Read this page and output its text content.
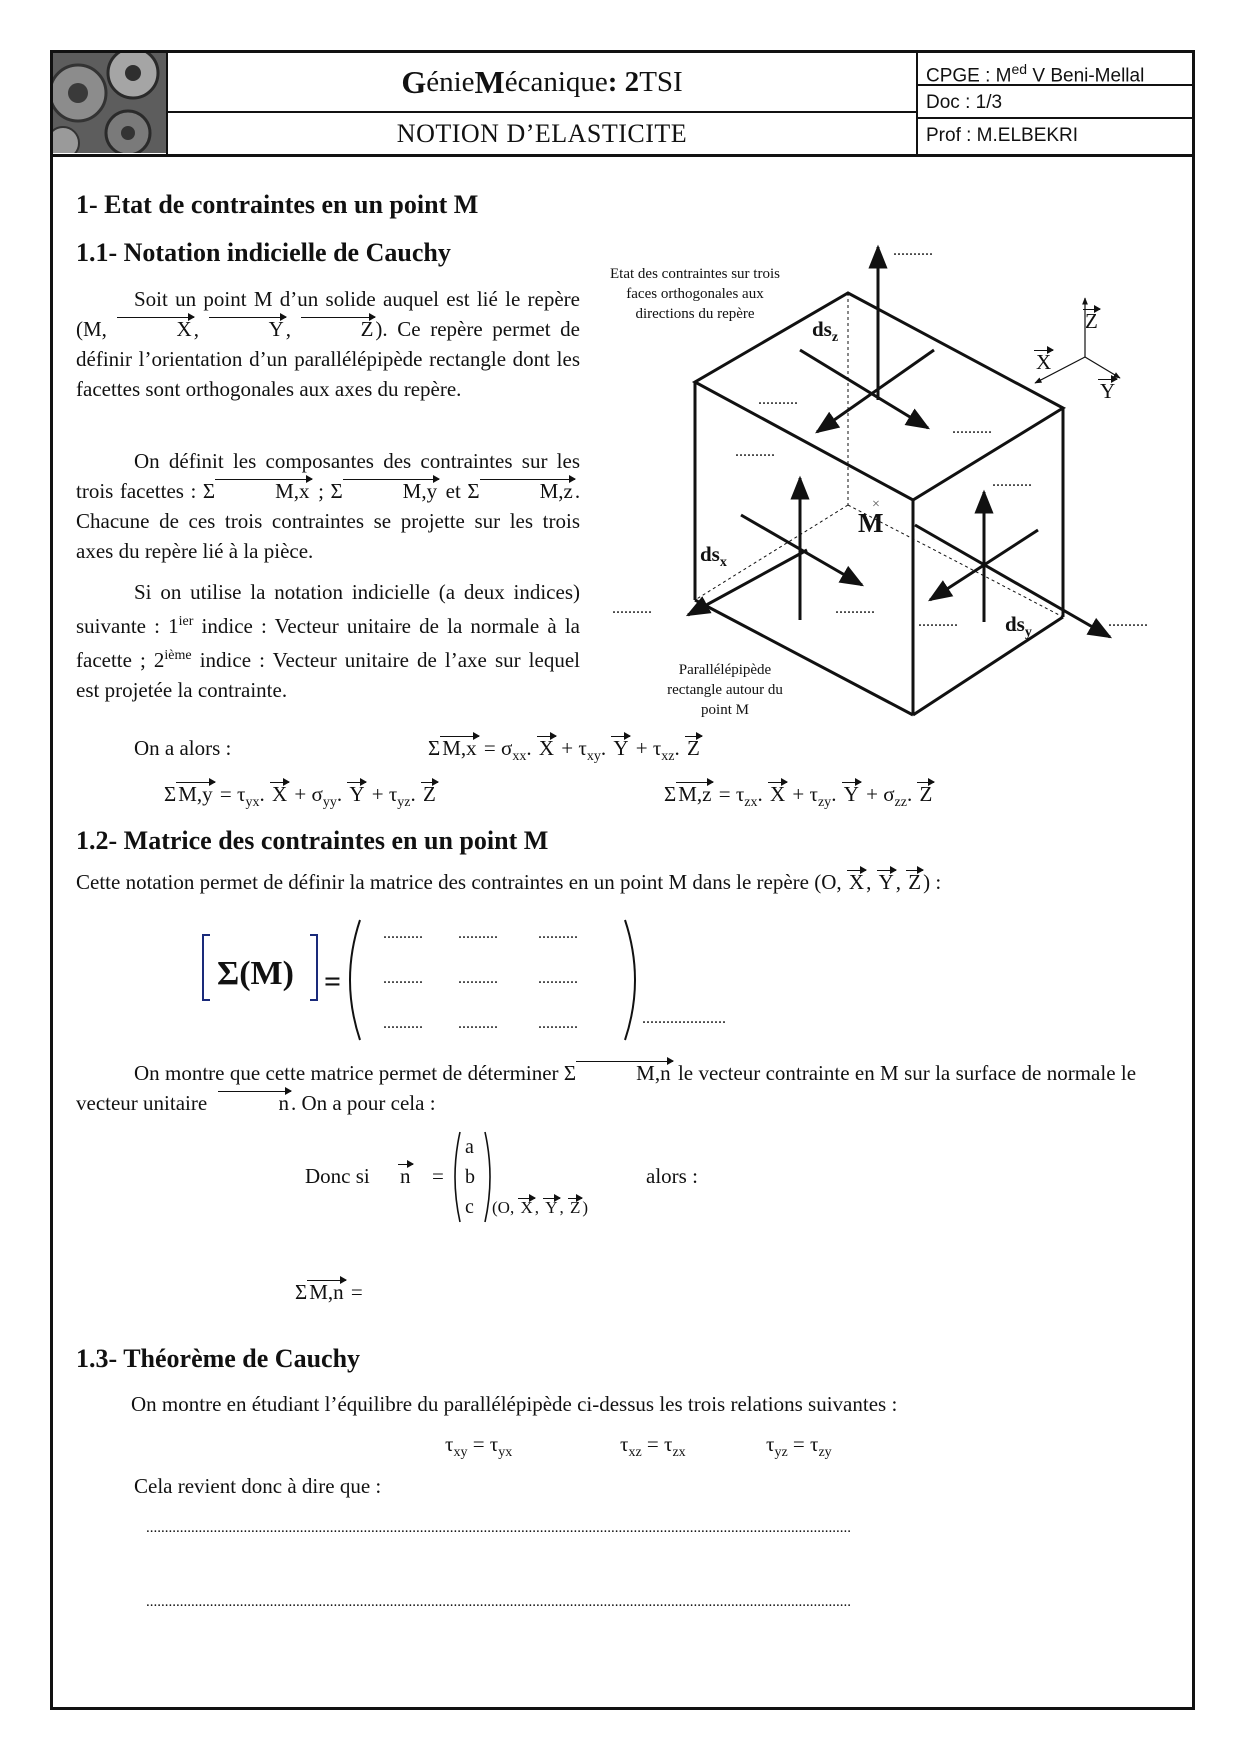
G énie M écanique : 2 TSI
NOTION D’ELASTICITE
CPGE : $M^{ed}$ V Beni-Mellal
Doc : 1/3
Prof : M.ELBEKRI
1- Etat de contraintes en un point M
1.1- Notation indicielle de Cauchy
Soit un point M d’un solide auquel est lié le repère (M,	X,	Y,	Z). Ce repère permet de définir l’orientation d’un parallélépipède rectangle dont les facettes sont orthogonales aux axes du repère.
On définit les composantes des contraintes sur les trois facettes : Σ	M,x ; Σ	M,y et Σ	M,z. Chacune de ces trois contraintes se projette sur les trois axes du repère lié à la pièce.
Si on utilise la notation indicielle (a deux indices) suivante : $1^{ier}$ indice : Vecteur unitaire de la normale à la facette ; 2ième indice : Vecteur unitaire de l’axe sur lequel est projetée la contrainte.
×
Etat des contraintes sur trois faces orthogonales aux directions du repère
Parallélépipède rectangle autour du point M
$ds_z$
$ds_x$
$ds_y$
M
Z
X
Y
..........
..........
..........
..........
..........
..........	..........
..........	..........
On a alors :	$\Sigma M,x = \sigma_{xx}$. $X + \tau_{xy}$. $Y + \tau_{xz}$. Z
$\Sigma M,y = \tau_{yx}$. $X + \sigma_{yy}$. $Y + \tau_{yz}$. Z	$\Sigma M,z = \tau_{zx}$. $X + \tau_{zy}$. $Y + \sigma_{zz}$. Z
1.2- Matrice des contraintes en un point M
Cette notation permet de définir la matrice des contraintes en un point M dans le repère (O, X, Y, Z) :
Σ(M) =
.......... ..........	..........
.......... ..........	..........
.......... ..........	..........	.....................
On montre que cette matrice permet de déterminer Σ	M,n le vecteur contrainte en M sur la surface de normale le vecteur unitaire	n. On a pour cela :
Donc si n =
a
b
c (O, X , Y , Z )
alors :
ΣM,n =
1.3- Théorème de Cauchy
On montre en étudiant l’équilibre du parallélépipède ci-dessus les trois relations suivantes :
$\tau_{xy} = \tau_{yx}$	$\tau_{xz} = \tau_{zx}$	$\tau_{yz} = \tau_{zy}$
Cela revient donc à dire que :
............................................................................................................................................................................................
............................................................................................................................................................................................
